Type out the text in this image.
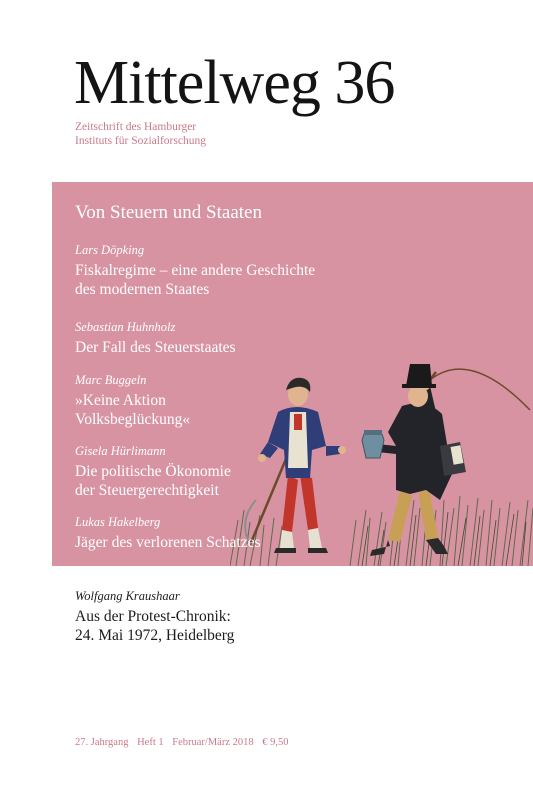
Mittelweg 36
Zeitschrift des Hamburger
Instituts für Sozialforschung
Von Steuern und Staaten
Lars Döpking
Fiskalregime – eine andere Geschichte
des modernen Staates
Sebastian Huhnholz
Der Fall des Steuerstaates
Marc Buggeln
»Keine Aktion
Volksbeglückung«
Gisela Hürlimann
Die politische Ökonomie
der Steuergerechtigkeit
Lukas Hakelberg
Jäger des verlorenen Schatzes
Wolfgang Kraushaar
Aus der Protest-Chronik:
24. Mai 1972, Heidelberg
27. Jahrgang Heft 1 Februar/März 2018 € 9,50
